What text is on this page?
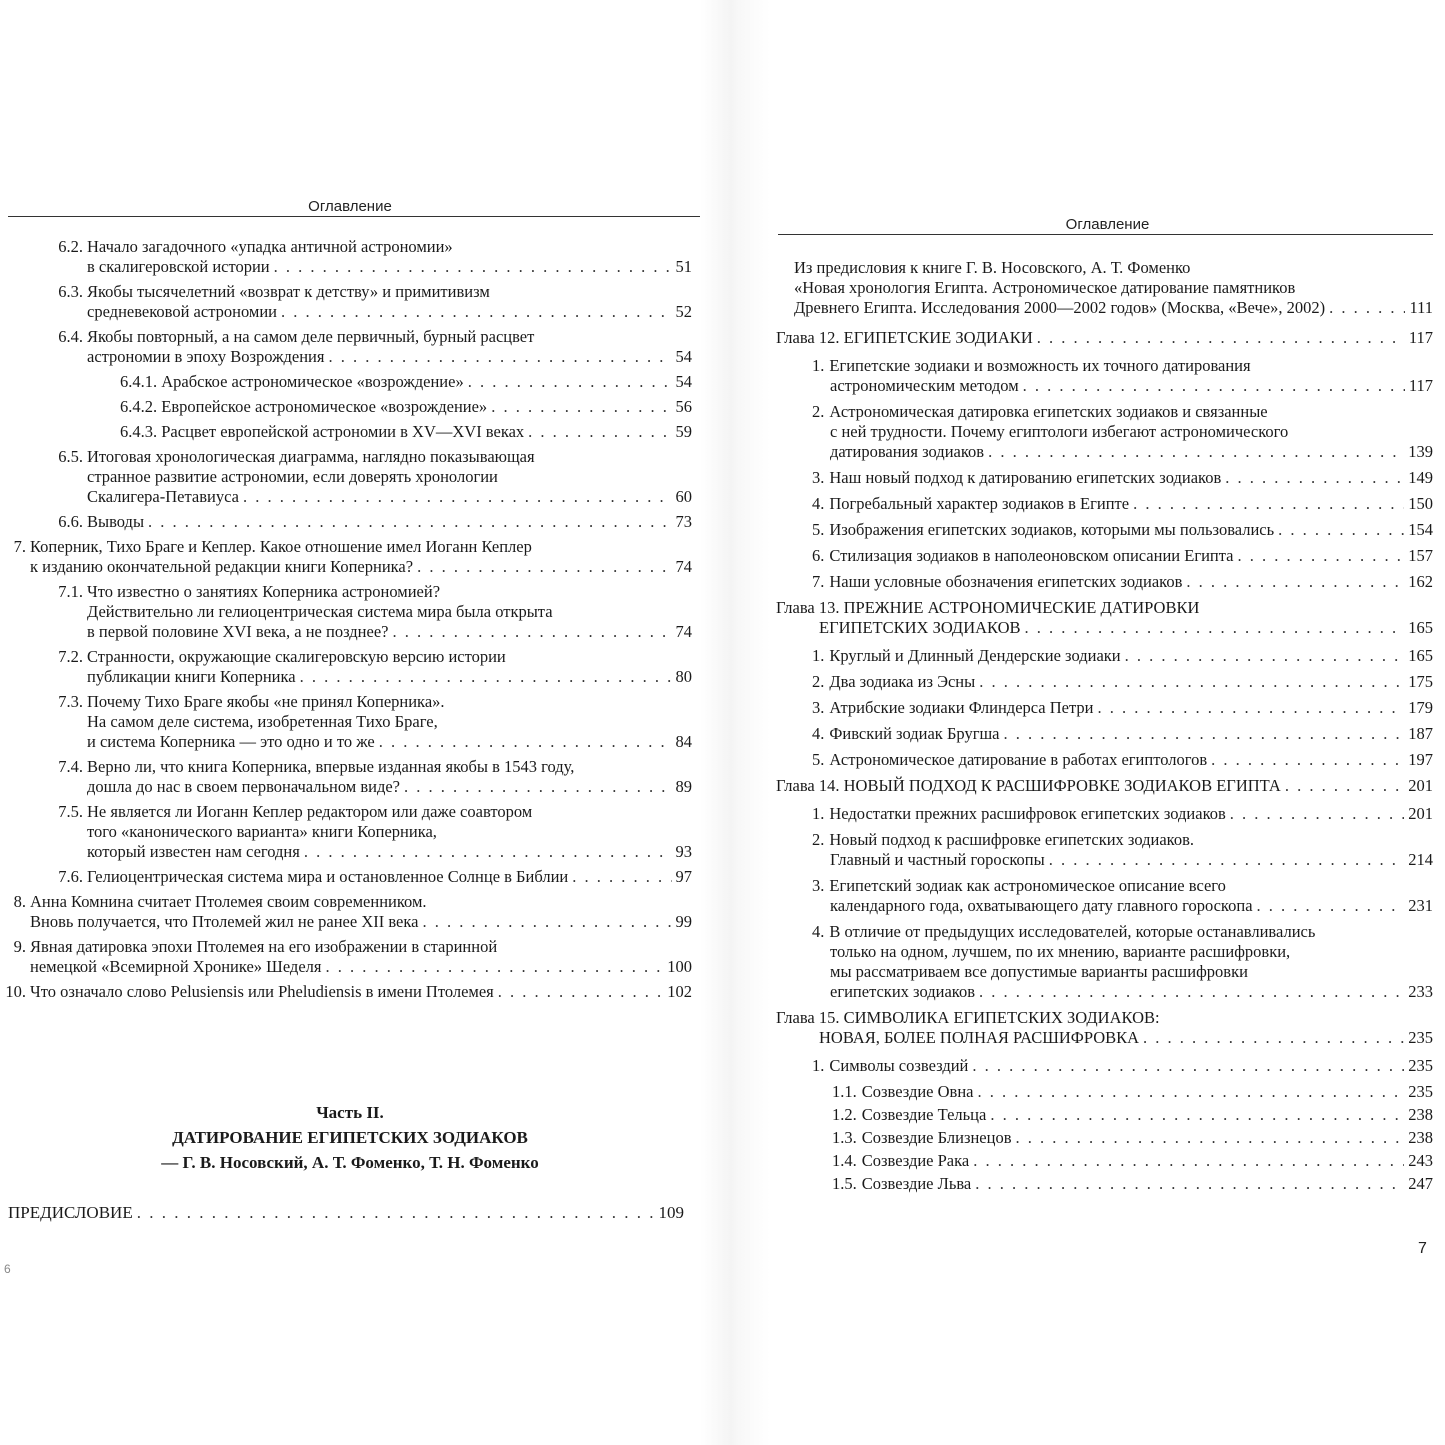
Оглавление
6.2. Начало загадочного «упадка античной астрономии»
в скалигеровской истории . . .	51
6.3. Якобы тысячелетний «возврат к детству» и примитивизм
средневековой астрономии . . .	52
6.4. Якобы повторный, а на самом деле первичный, бурный расцвет
астрономии в эпоху Возрождения . . .	54
6.4.1. Арабское астрономическое «возрождение» . . .	54
6.4.2. Европейское астрономическое «возрождение» . . .	56
6.4.3. Расцвет европейской астрономии в XV—XVI веках . . .	59
6.5. Итоговая хронологическая диаграмма, наглядно показывающая
странное развитие астрономии, если доверять хронологии
Скалигера-Петавиуса . . .	60
6.6. Выводы . . .	73
7. Коперник, Тихо Браге и Кеплер. Какое отношение имел Иоганн Кеплер
к изданию окончательной редакции книги Коперника? . . .	74
7.1. Что известно о занятиях Коперника астрономией?
Действительно ли гелиоцентрическая система мира была открыта
в первой половине XVI века, а не позднее? . . .	74
7.2. Странности, окружающие скалигеровскую версию истории
публикации книги Коперника . . .	80
7.3. Почему Тихо Браге якобы «не принял Коперника».
На самом деле система, изобретенная Тихо Браге,
и система Коперника — это одно и то же . . .	84
7.4. Верно ли, что книга Коперника, впервые изданная якобы в 1543 году,
дошла до нас в своем первоначальном виде? . . .	89
7.5. Не является ли Иоганн Кеплер редактором или даже соавтором
того «канонического варианта» книги Коперника,
который известен нам сегодня . . .	93
7.6. Гелиоцентрическая система мира и остановленное Солнце в Библии . . .	97
8. Анна Комнина считает Птолемея своим современником.
Вновь получается, что Птолемей жил не ранее XII века . . .	99
9. Явная датировка эпохи Птолемея на его изображении в старинной
немецкой «Всемирной Хронике» Шеделя . . .	100
10. Что означало слово Pelusiensis или Pheludiensis в имени Птолемея . . .	102
Часть II.
ДАТИРОВАНИЕ ЕГИПЕТСКИХ ЗОДИАКОВ
— Г. В. Носовский, А. Т. Фоменко, Т. Н. Фоменко
ПРЕДИСЛОВИЕ . . .	109
6
Оглавление
Из предисловия к книге Г. В. Носовского, А. Т. Фоменко
«Новая хронология Египта. Астрономическое датирование памятников
Древнего Египта. Исследования 2000—2002 годов» (Москва, «Вече», 2002) . . .	111
Глава 12. ЕГИПЕТСКИЕ ЗОДИАКИ . . .	117
1. Египетские зодиаки и возможность их точного датирования
астрономическим методом . . .	117
2. Астрономическая датировка египетских зодиаков и связанные
с ней трудности. Почему египтологи избегают астрономического
датирования зодиаков . . .	139
3. Наш новый подход к датированию египетских зодиаков . . .	149
4. Погребальный характер зодиаков в Египте . . .	150
5. Изображения египетских зодиаков, которыми мы пользовались . . .	154
6. Стилизация зодиаков в наполеоновском описании Египта . . .	157
7. Наши условные обозначения египетских зодиаков . . .	162
Глава 13. ПРЕЖНИЕ АСТРОНОМИЧЕСКИЕ ДАТИРОВКИ
ЕГИПЕТСКИХ ЗОДИАКОВ . . .	165
1. Круглый и Длинный Дендерские зодиаки . . .	165
2. Два зодиака из Эсны . . .	175
3. Атрибские зодиаки Флиндерса Петри . . .	179
4. Фивский зодиак Бругша . . .	187
5. Астрономическое датирование в работах египтологов . . .	197
Глава 14. НОВЫЙ ПОДХОД К РАСШИФРОВКЕ ЗОДИАКОВ ЕГИПТА . . .	201
1. Недостатки прежних расшифровок египетских зодиаков . . .	201
2. Новый подход к расшифровке египетских зодиаков.
Главный и частный гороскопы . . .	214
3. Египетский зодиак как астрономическое описание всего
календарного года, охватывающего дату главного гороскопа . . .	231
4. В отличие от предыдущих исследователей, которые останавливались
только на одном, лучшем, по их мнению, варианте расшифровки,
мы рассматриваем все допустимые варианты расшифровки
египетских зодиаков . . .	233
Глава 15. СИМВОЛИКА ЕГИПЕТСКИХ ЗОДИАКОВ:
НОВАЯ, БОЛЕЕ ПОЛНАЯ РАСШИФРОВКА . . .	235
1. Символы созвездий . . .	235
1.1. Созвездие Овна . . .	235
1.2. Созвездие Тельца . . .	238
1.3. Созвездие Близнецов . . .	238
1.4. Созвездие Рака . . .	243
1.5. Созвездие Льва . . .	247
7
